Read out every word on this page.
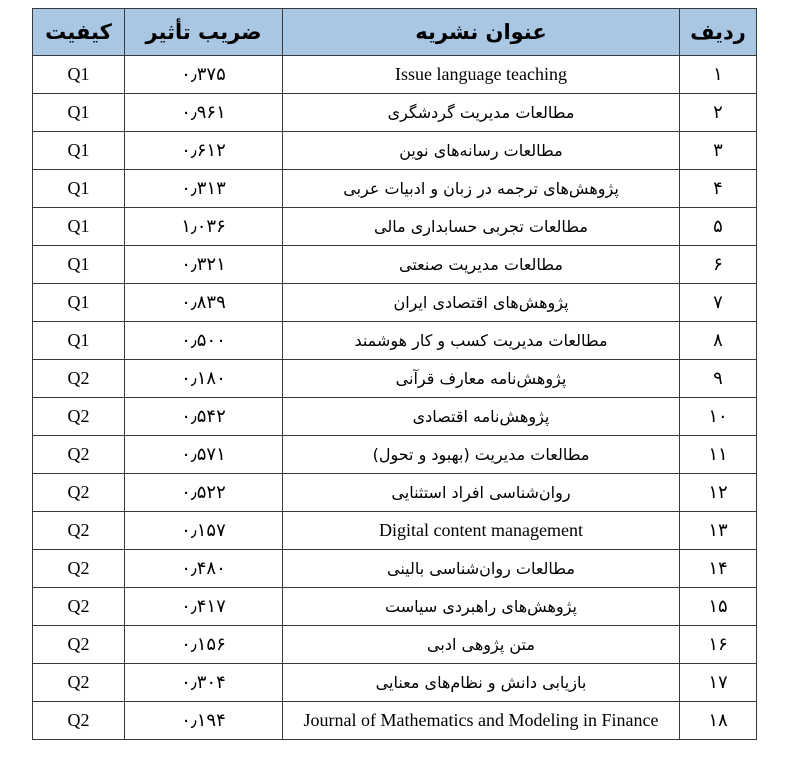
ردیف	عنوان نشریه	ضریب تأثیر	کیفیت
۱	Issue language teaching	۰٫۳۷۵	Q1
۲	مطالعات مدیریت گردشگری	۰٫۹۶۱	Q1
۳	مطالعات رسانه‌های نوین	۰٫۶۱۲	Q1
۴	پژوهش‌های ترجمه در زبان و ادبیات عربی	۰٫۳۱۳	Q1
۵	مطالعات تجربی حسابداری مالی	۱٫۰۳۶	Q1
۶	مطالعات مدیریت صنعتی	۰٫۳۲۱	Q1
۷	پژوهش‌های اقتصادی ایران	۰٫۸۳۹	Q1
۸	مطالعات مدیریت کسب و کار هوشمند	۰٫۵۰۰	Q1
۹	پژوهش‌نامه معارف قرآنی	۰٫۱۸۰	Q2
۱۰	پژوهش‌نامه اقتصادی	۰٫۵۴۲	Q2
۱۱	مطالعات مدیریت (بهبود و تحول)	۰٫۵۷۱	Q2
۱۲	روان‌شناسی افراد استثنایی	۰٫۵۲۲	Q2
۱۳	Digital content management	۰٫۱۵۷	Q2
۱۴	مطالعات روان‌شناسی بالینی	۰٫۴۸۰	Q2
۱۵	پژوهش‌های راهبردی سیاست	۰٫۴۱۷	Q2
۱۶	متن پژوهی ادبی	۰٫۱۵۶	Q2
۱۷	بازیابی دانش و نظام‌های معنایی	۰٫۳۰۴	Q2
۱۸	Journal of Mathematics and Modeling in Finance	۰٫۱۹۴	Q2
